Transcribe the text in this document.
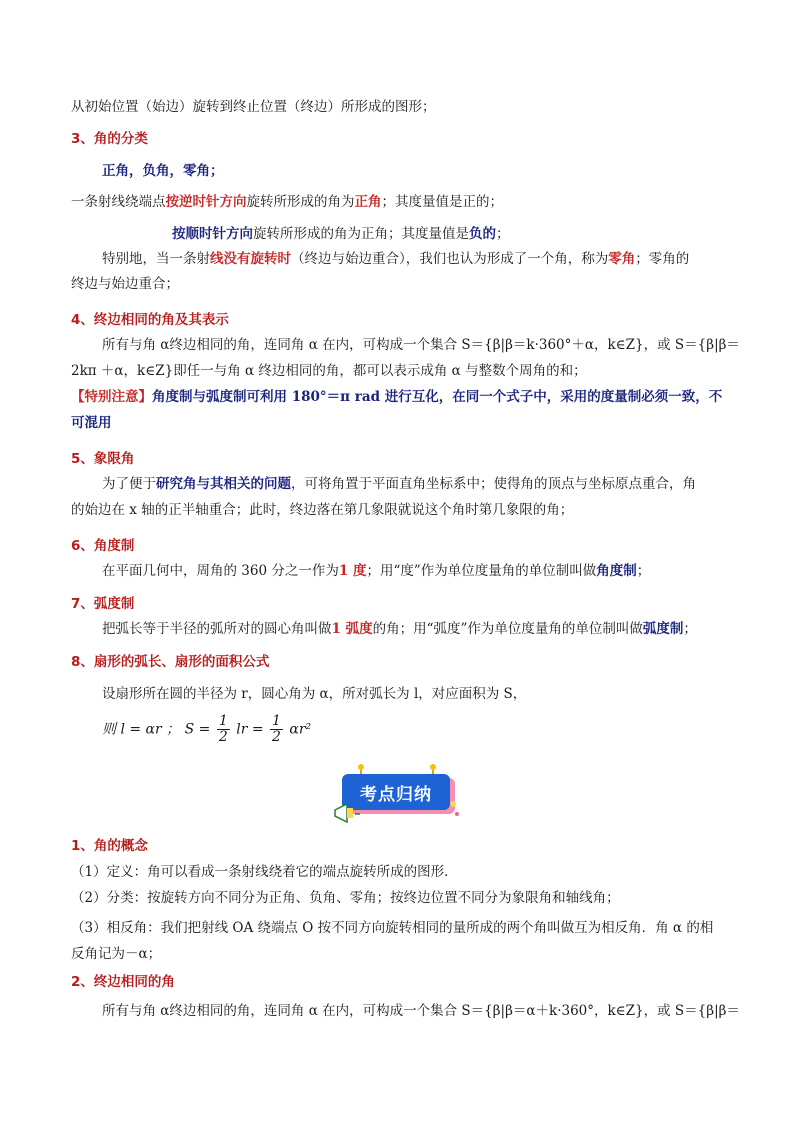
从初始位置（始边）旋转到终止位置（终边）所形成的图形；
3、角的分类
正角，负角，零角；
一条射线绕端点按逆时针方向旋转所形成的角为正角；其度量值是正的；
按顺时针方向旋转所形成的角为正角；其度量值是负的；
特别地，当一条射线没有旋转时（终边与始边重合），我们也认为形成了一个角，称为零角；零角的
终边与始边重合；
4、终边相同的角及其表示
所有与角 α终边相同的角，连同角 α 在内，可构成一个集合 S＝{β|β＝k·360°＋α，k∈Z}，或 S＝{β|β＝
2kπ ＋α，k∈Z}即任一与角 α 终边相同的角，都可以表示成角 α 与整数个周角的和；
【特别注意】角度制与弧度制可利用 180°＝π rad 进行互化，在同一个式子中，采用的度量制必须一致，不
可混用
5、象限角
为了便于研究角与其相关的问题，可将角置于平面直角坐标系中；使得角的顶点与坐标原点重合，角
的始边在 x 轴的正半轴重合；此时，终边落在第几象限就说这个角时第几象限的角；
6、角度制
在平面几何中，周角的 360 分之一作为1 度；用“度”作为单位度量角的单位制叫做角度制；
7、弧度制
把弧长等于半径的弧所对的圆心角叫做1 弧度的角；用“弧度”作为单位度量角的单位制叫做弧度制；
8、扇形的弧长、扇形的面积公式
设扇形所在圆的半径为 r，圆心角为 α，所对弧长为 l，对应面积为 S，
则 l = αr ； $S = \frac{1}{2}$ lr = $\frac{1}{2} \alpha r^2$
考点归纳
1、角的概念
（1）定义：角可以看成一条射线绕着它的端点旋转所成的图形．
（2）分类：按旋转方向不同分为正角、负角、零角；按终边位置不同分为象限角和轴线角；
（3）相反角：我们把射线 OA 绕端点 O 按不同方向旋转相同的量所成的两个角叫做互为相反角．角 α 的相
反角记为－α；
2、终边相同的角
所有与角 α终边相同的角，连同角 α 在内，可构成一个集合 S＝{β|β＝α＋k·360°，k∈Z}，或 S＝{β|β＝
